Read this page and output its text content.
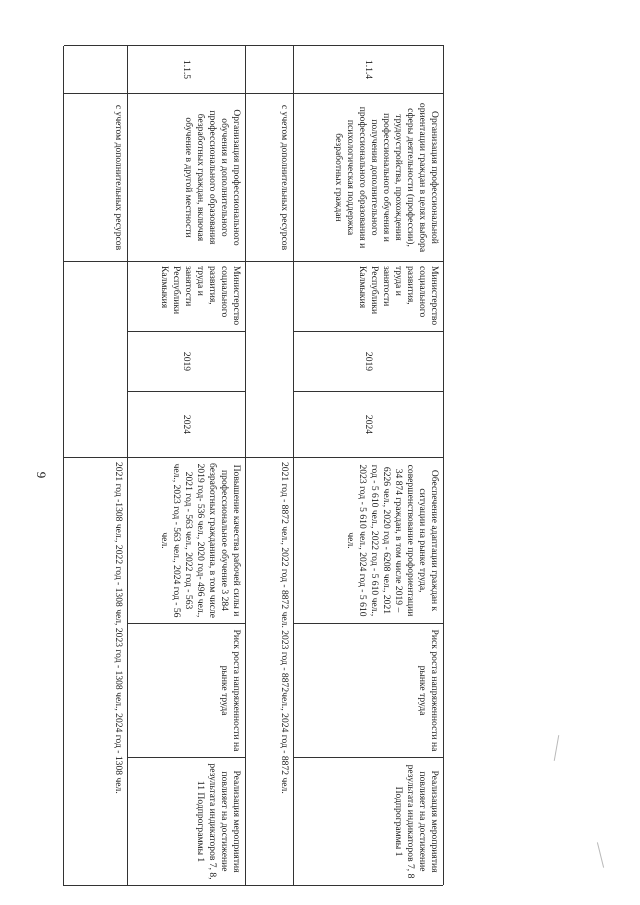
9
1.1.4
Организация профессиональной ориентации граждан в целях выбора сферы деятельности (профессии), трудоустройства, прохождения профессионального обучения и получения дополнительного профессионального образования и психологическая поддержка безработных граждан
Министерство социального развития, труда и занятости Республики Калмыкия
2019
2024
Обеспечение адаптации граждан к ситуации на рынке труда, совершенствование профориентации 34 874 граждан, в том числе 2019 – 6226 чел., 2020 год - 6208 чел., 2021 год - 5 610 чел., 2022 год - 5 610 чел., 2023 год - 5 610 чел., 2024 год - 5 610 чел.
Риск роста напряженности на рынке труда
Реализация мероприятия повлияет на достижение результата индикаторов 7, 8 Подпрограммы 1
с учетом дополнительных ресурсов
2021 год - 8872 чел., 2022 год - 8872 чел. 2023 год - 8872чел., 2024 год - 8872 чел.
1.1.5
Организация профессионального обучения и дополнительного профессионального образования безработных граждан, включая обучение в другой местности
Министерство социального развития, труда и занятости Республики Калмыкия
2019
2024
Повышение качества рабочей силы и профессиональное обучение 3 284 безработных гражданина, в том числе 2019 год- 536 чел., 2020 год- 496 чел., 2021 год - 563 чел., 2022 год - 563 чел., 2023 год - 563 чел., 2024 год - 56 чел.
Риск роста напряженности на рынке труда
Реализация мероприятия повлияет на достижение результата индикаторов 7, 8, 11 Подпрограммы 1
с учетом дополнительных ресурсов
2021 год -1308 чел., 2022 год - 1308 чел, 2023 год - 1308 чел., 2024 год - 1308 чел.
